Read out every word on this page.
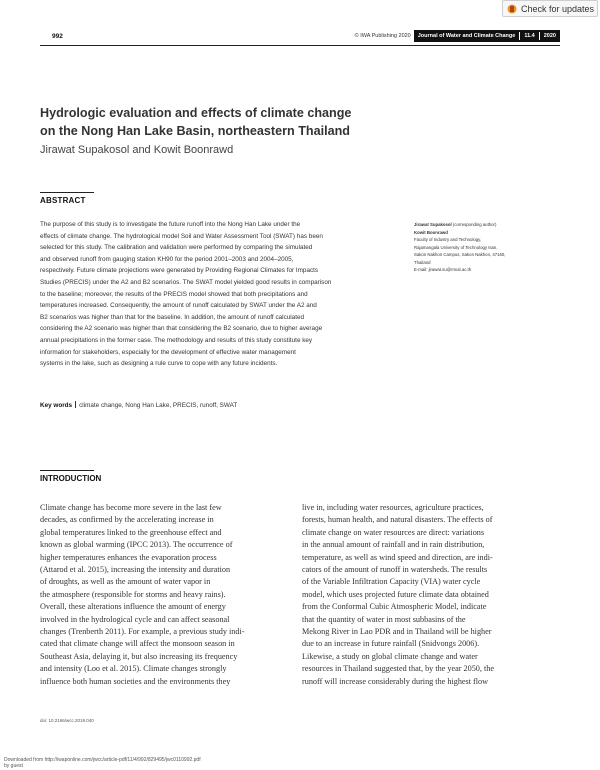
Check for updates
992	© IWA Publishing 2020	Journal of Water and Climate Change 11.4 2020
Hydrologic evaluation and effects of climate change
on the Nong Han Lake Basin, northeastern Thailand
Jirawat Supakosol and Kowit Boonrawd
ABSTRACT
The purpose of this study is to investigate the future runoff into the Nong Han Lake under the
effects of climate change. The hydrological model Soil and Water Assessment Tool (SWAT) has been
selected for this study. The calibration and validation were performed by comparing the simulated
and observed runoff from gauging station KH90 for the period 2001–2003 and 2004–2005,
respectively. Future climate projections were generated by Providing Regional Climates for Impacts
Studies (PRECIS) under the A2 and B2 scenarios. The SWAT model yielded good results in comparison
to the baseline; moreover, the results of the PRECIS model showed that both precipitations and
temperatures increased. Consequently, the amount of runoff calculated by SWAT under the A2 and
B2 scenarios was higher than that for the baseline. In addition, the amount of runoff calculated
considering the A2 scenario was higher than that considering the B2 scenario, due to higher average
annual precipitations in the former case. The methodology and results of this study constitute key
information for stakeholders, especially for the development of effective water management
systems in the lake, such as designing a rule curve to cope with any future incidents.
Key words climate change, Nong Han Lake, PRECIS, runoff, SWAT
Jirawat Supakosol (corresponding author)
Kowit Boonrawd
Faculty of Industry and Technology,
Rajamangala University of Technology Isan,
Sakon Nakhon Campus, Sakon Nakhon, 47160,
Thailand
E-mail: jirawat.su@rmuti.ac.th
INTRODUCTION
Climate change has become more severe in the last few
decades, as confirmed by the accelerating increase in
global temperatures linked to the greenhouse effect and
known as global warming (IPCC 2013). The occurrence of
higher temperatures enhances the evaporation process
(Attarod et al. 2015), increasing the intensity and duration
of droughts, as well as the amount of water vapor in
the atmosphere (responsible for storms and heavy rains).
Overall, these alterations influence the amount of energy
involved in the hydrological cycle and can affect seasonal
changes (Trenberth 2011). For example, a previous study indi-
cated that climate change will affect the monsoon season in
Southeast Asia, delaying it, but also increasing its frequency
and intensity (Loo et al. 2015). Climate changes strongly
influence both human societies and the environments they
live in, including water resources, agriculture practices,
forests, human health, and natural disasters. The effects of
climate change on water resources are direct: variations
in the annual amount of rainfall and in rain distribution,
temperature, as well as wind speed and direction, are indi-
cators of the amount of runoff in watersheds. The results
of the Variable Infiltration Capacity (VIA) water cycle
model, which uses projected future climate data obtained
from the Conformal Cubic Atmospheric Model, indicate
that the quantity of water in most subbasins of the
Mekong River in Lao PDR and in Thailand will be higher
due to an increase in future rainfall (Snidvongs 2006).
Likewise, a study on global climate change and water
resources in Thailand suggested that, by the year 2050, the
runoff will increase considerably during the highest flow
doi: 10.2166/wcc.2019.040
Downloaded from http://iwaponline.com/jwcc/article-pdf/11/4/992/829495/jwc0110992.pdf
by guest
